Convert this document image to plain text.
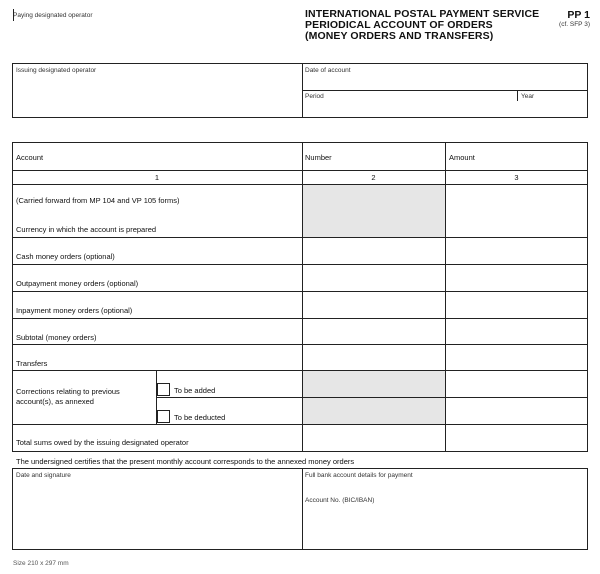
Paying designated operator	INTERNATIONAL POSTAL PAYMENT SERVICE
PERIODICAL ACCOUNT OF ORDERS
(MONEY ORDERS AND TRANSFERS)
PP 1
(cf. SFP 3)
Issuing designated operator	Date of account
Period	Year
Account	Number	Amount
1	2	3
(Carried forward from MP 104 and VP 105 forms)
Currency in which the account is prepared
Cash money orders (optional)
Outpayment money orders (optional)
Inpayment money orders (optional)
Subtotal (money orders)
Transfers
Corrections relating to previous account(s), as annexed
To be added
To be deducted
Total sums owed by the issuing designated operator
The undersigned certifies that the present monthly account corresponds to the annexed money orders
Date and signature	Full bank account details for payment
Account No. (BIC/IBAN)
Size 210 x 297 mm
